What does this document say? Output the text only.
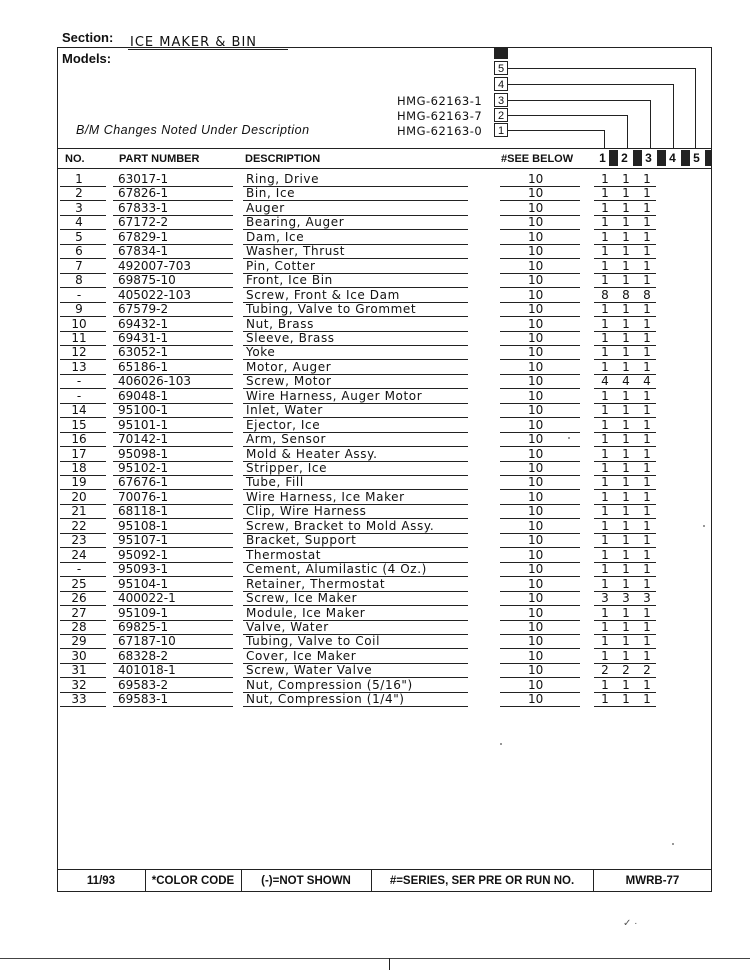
Section: ICE MAKER & BIN
Models:
B/M Changes Noted Under Description
HMG-62163-1
HMG-62163-7
HMG-62163-0
5
4
3
2
1
NO.	PART NUMBER	DESCRIPTION	#SEE BELOW 1 2 3 4 5
1	63017-1	Ring, Drive	10	1 1 1
2	67826-1	Bin, Ice	10	1 1 1
3	67833-1	Auger	10	1 1 1
4	67172-2	Bearing, Auger	10	1 1 1
5	67829-1	Dam, Ice	10	1 1 1
6	67834-1	Washer, Thrust	10	1 1 1
7	492007-703	Pin, Cotter	10	1 1 1
8	69875-10	Front, Ice Bin	10	1 1 1
-	405022-103	Screw, Front & Ice Dam	10	8 8 8
9	67579-2	Tubing, Valve to Grommet	10	1 1 1
10	69432-1	Nut, Brass	10	1 1 1
11	69431-1	Sleeve, Brass	10	1 1 1
12	63052-1	Yoke	10	1 1 1
13	65186-1	Motor, Auger	10	1 1 1
-	406026-103	Screw, Motor	10	4 4 4
-	69048-1	Wire Harness, Auger Motor	10	1 1 1
14	95100-1	Inlet, Water	10	1 1 1
15	95101-1	Ejector, Ice	10	1 1 1
16	70142-1	Arm, Sensor	10	1 1 1
17	95098-1	Mold & Heater Assy.	10	1 1 1
18	95102-1	Stripper, Ice	10	1 1 1
19	67676-1	Tube, Fill	10	1 1 1
20	70076-1	Wire Harness, Ice Maker	10	1 1 1
21	68118-1	Clip, Wire Harness	10	1 1 1
22	95108-1	Screw, Bracket to Mold Assy.	10	1 1 1
23	95107-1	Bracket, Support	10	1 1 1
24	95092-1	Thermostat	10	1 1 1
-	95093-1	Cement, Alumilastic (4 Oz.)	10	1 1 1
25	95104-1	Retainer, Thermostat	10	1 1 1
26	400022-1	Screw, Ice Maker	10	3 3 3
27	95109-1	Module, Ice Maker	10	1 1 1
28	69825-1	Valve, Water	10	1 1 1
29	67187-10	Tubing, Valve to Coil	10	1 1 1
30	68328-2	Cover, Ice Maker	10	1 1 1
31	401018-1	Screw, Water Valve	10	2 2 2
32	69583-2	Nut, Compression (5/16")	10	1 1 1
33	69583-1	Nut, Compression (1/4")	10	1 1 1
11/93	*COLOR CODE	(-)=NOT SHOWN	#=SERIES, SER PRE OR RUN NO.	MWRB-77
✓ ·
